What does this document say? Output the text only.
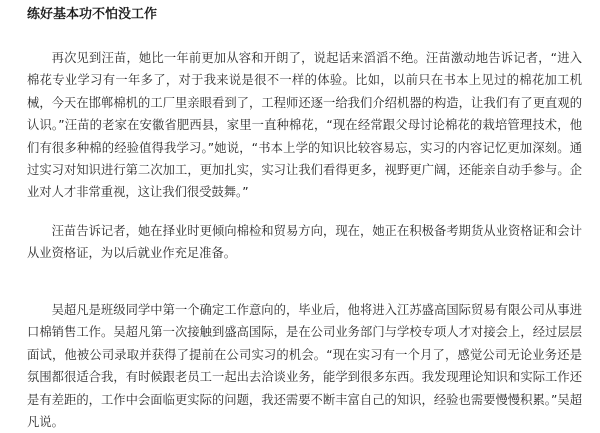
练好基本功不怕没工作

再次见到汪苗，她比一年前更加从容和开朗了，说起话来滔滔不绝。汪苗激动地告诉记者，“进入棉花专业学习有一年多了，对于我来说是很不一样的体验。比如，以前只在书本上见过的棉花加工机械，今天在邯郸棉机的工厂里亲眼看到了，工程师还逐一给我们介绍机器的构造，让我们有了更直观的认识。”汪苗的老家在安徽省肥西县，家里一直种棉花，“现在经常跟父母讨论棉花的栽培管理技术，他们有很多种棉的经验值得我学习。”她说，“书本上学的知识比较容易忘，实习的内容记忆更加深刻。通过实习对知识进行第二次加工，更加扎实，实习让我们看得更多，视野更广阔，还能亲自动手参与。企业对人才非常重视，这让我们很受鼓舞。”

汪苗告诉记者，她在择业时更倾向棉检和贸易方向，现在，她正在积极备考期货从业资格证和会计从业资格证，为以后就业作充足准备。

吴超凡是班级同学中第一个确定工作意向的，毕业后，他将进入江苏盛高国际贸易有限公司从事进口棉销售工作。吴超凡第一次接触到盛高国际，是在公司业务部门与学校专项人才对接会上，经过层层面试，他被公司录取并获得了提前在公司实习的机会。“现在实习有一个月了，感觉公司无论业务还是氛围都很适合我，有时候跟老员工一起出去洽谈业务，能学到很多东西。我发现理论知识和实际工作还是有差距的，工作中会面临更实际的问题，我还需要不断丰富自己的知识，经验也需要慢慢积累。”吴超凡说。
